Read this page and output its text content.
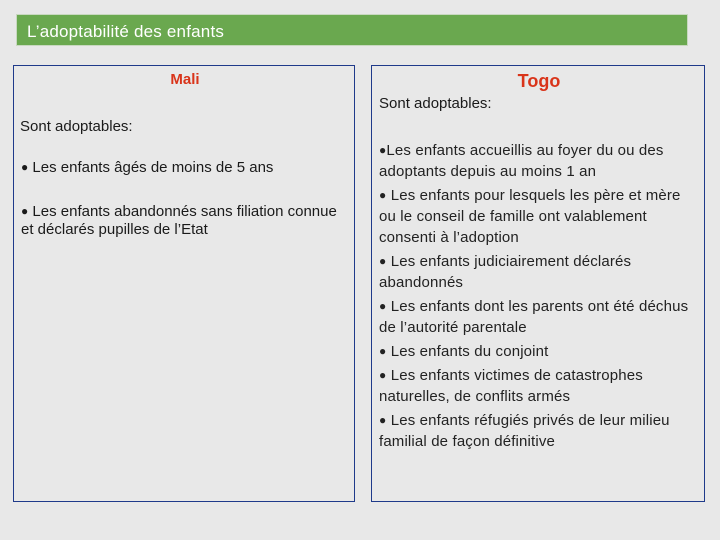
L’adoptabilité des enfants
Mali	Togo
Sont adoptables:
Sont adoptables:
● Les enfants âgés de moins de 5 ans
● Les enfants abandonnés sans filiation connue et déclarés pupilles de l’Etat
●Les enfants accueillis au foyer du ou des adoptants depuis au moins 1 an
● Les enfants pour lesquels les père et mère ou le conseil de famille ont valablement consenti à l’adoption
● Les enfants judiciairement déclarés abandonnés
● Les enfants dont les parents ont été déchus de l’autorité parentale
● Les enfants du conjoint
● Les enfants victimes de catastrophes naturelles, de conflits armés
● Les enfants réfugiés privés de leur milieu familial de façon définitive
